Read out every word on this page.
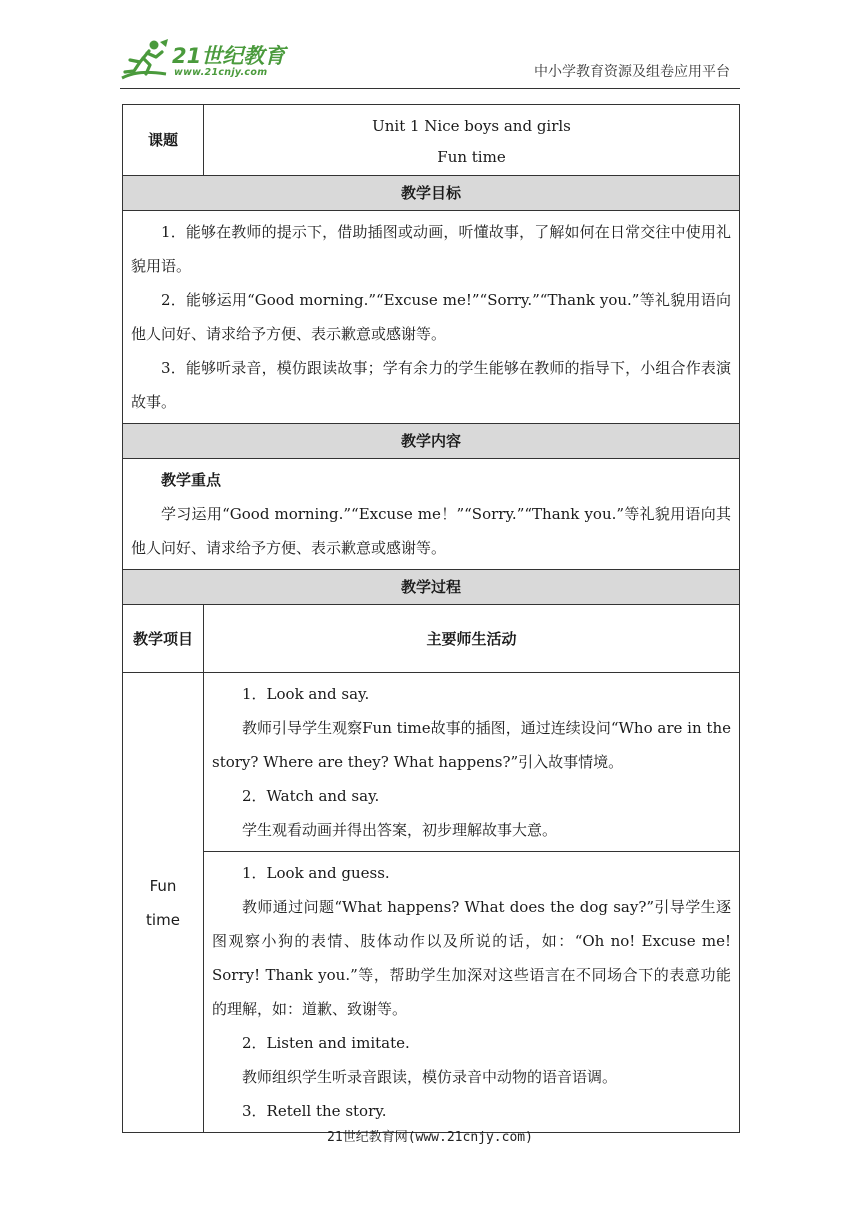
21世纪教育
www.21cnjy.com	中小学教育资源及组卷应用平台
课题	Unit 1 Nice boys and girls
Fun time

教学目标	

1．能够在教师的提示下，借助插图或动画，听懂故事，了解如何在日常交往中使用礼貌用语。

2．能够运用“Good morning.”“Excuse me!”“Sorry.”“Thank you.”等礼貌用语向他人问好、请求给予方便、表示歉意或感谢等。

3．能够听录音，模仿跟读故事；学有余力的学生能够在教师的指导下，小组合作表演故事。	

教学内容	

教学重点

学习运用“Good morning.”“Excuse me！”“Sorry.”“Thank you.”等礼貌用语向其他人问好、请求给予方便、表示歉意或感谢等。	

教学过程	
教学项目	主要师生活动
Fun time	1．Look and say.

教师引导学生观察Fun time故事的插图，通过连续设问“Who are in the story? Where are they? What happens?”引入故事情境。

2．Watch and say.

学生观看动画并得出答案，初步理解故事大意。

	1．Look and guess.

教师通过问题“What happens? What does the dog say?”引导学生逐图观察小狗的表情、肢体动作以及所说的话，如：“Oh no! Excuse me! Sorry! Thank you.”等，帮助学生加深对这些语言在不同场合下的表意功能的理解，如：道歉、致谢等。

2．Listen and imitate.

教师组织学生听录音跟读，模仿录音中动物的语音语调。

3．Retell the story.

21世纪教育网(www.21cnjy.com)
